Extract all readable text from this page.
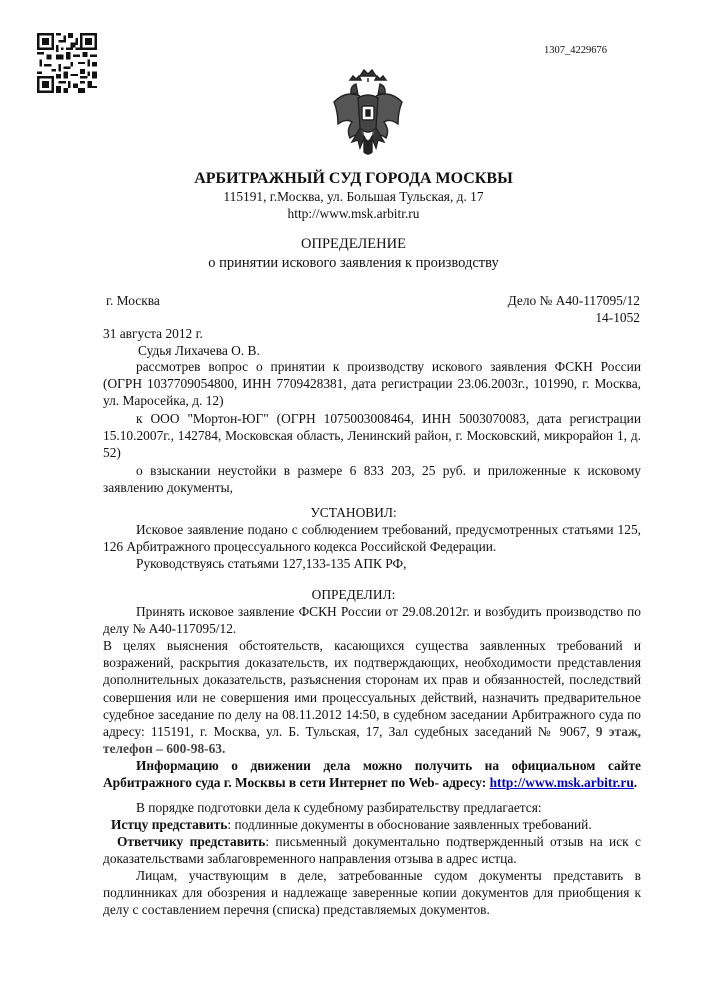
1307_4229676
АРБИТРАЖНЫЙ СУД ГОРОДА МОСКВЫ
115191, г.Москва, ул. Большая Тульская, д. 17
http://www.msk.arbitr.ru
ОПРЕДЕЛЕНИЕ
о принятии искового заявления к производству
г. Москва	Дело № А40-117095/12
14-1052
31 августа 2012 г.
Судья Лихачева О. В.
рассмотрев вопрос о принятии к производству искового заявления ФСКН России (ОГРН 1037709054800, ИНН 7709428381, дата регистрации 23.06.2003г., 101990, г. Москва, ул. Маросейка, д. 12)
к ООО "Мортон-ЮГ" (ОГРН 1075003008464, ИНН 5003070083, дата регистрации 15.10.2007г., 142784, Московская область, Ленинский район, г. Московский, микрорайон 1, д. 52)
о взыскании неустойки в размере 6 833 203, 25 руб. и приложенные к исковому заявлению документы,
УСТАНОВИЛ:
Исковое заявление подано с соблюдением требований, предусмотренных статьями 125, 126 Арбитражного процессуального кодекса Российской Федерации.
Руководствуясь статьями 127,133-135 АПК РФ,
ОПРЕДЕЛИЛ:
Принять исковое заявление ФСКН России от 29.08.2012г. и возбудить производство по делу № А40-117095/12.
В целях выяснения обстоятельств, касающихся существа заявленных требований и возражений, раскрытия доказательств, их подтверждающих, необходимости представления дополнительных доказательств, разъяснения сторонам их прав и обязанностей, последствий совершения или не совершения ими процессуальных действий, назначить предварительное судебное заседание по делу на 08.11.2012 14:50, в судебном заседании Арбитражного суда по адресу: 115191, г. Москва, ул. Б. Тульская, 17, Зал судебных заседаний № 9067, 9 этаж, телефон – 600-98-63.
Информацию о движении дела можно получить на официальном сайте Арбитражного суда г. Москвы в сети Интернет по Web- адресу: http://www.msk.arbitr.ru.
В порядке подготовки дела к судебному разбирательству предлагается:
Истцу представить: подлинные документы в обоснование заявленных требований.
Ответчику представить: письменный документально подтвержденный отзыв на иск с доказательствами заблаговременного направления отзыва в адрес истца.
Лицам, участвующим в деле, затребованные судом документы представить в подлинниках для обозрения и надлежаще заверенные копии документов для приобщения к делу с составлением перечня (списка) представляемых документов.
